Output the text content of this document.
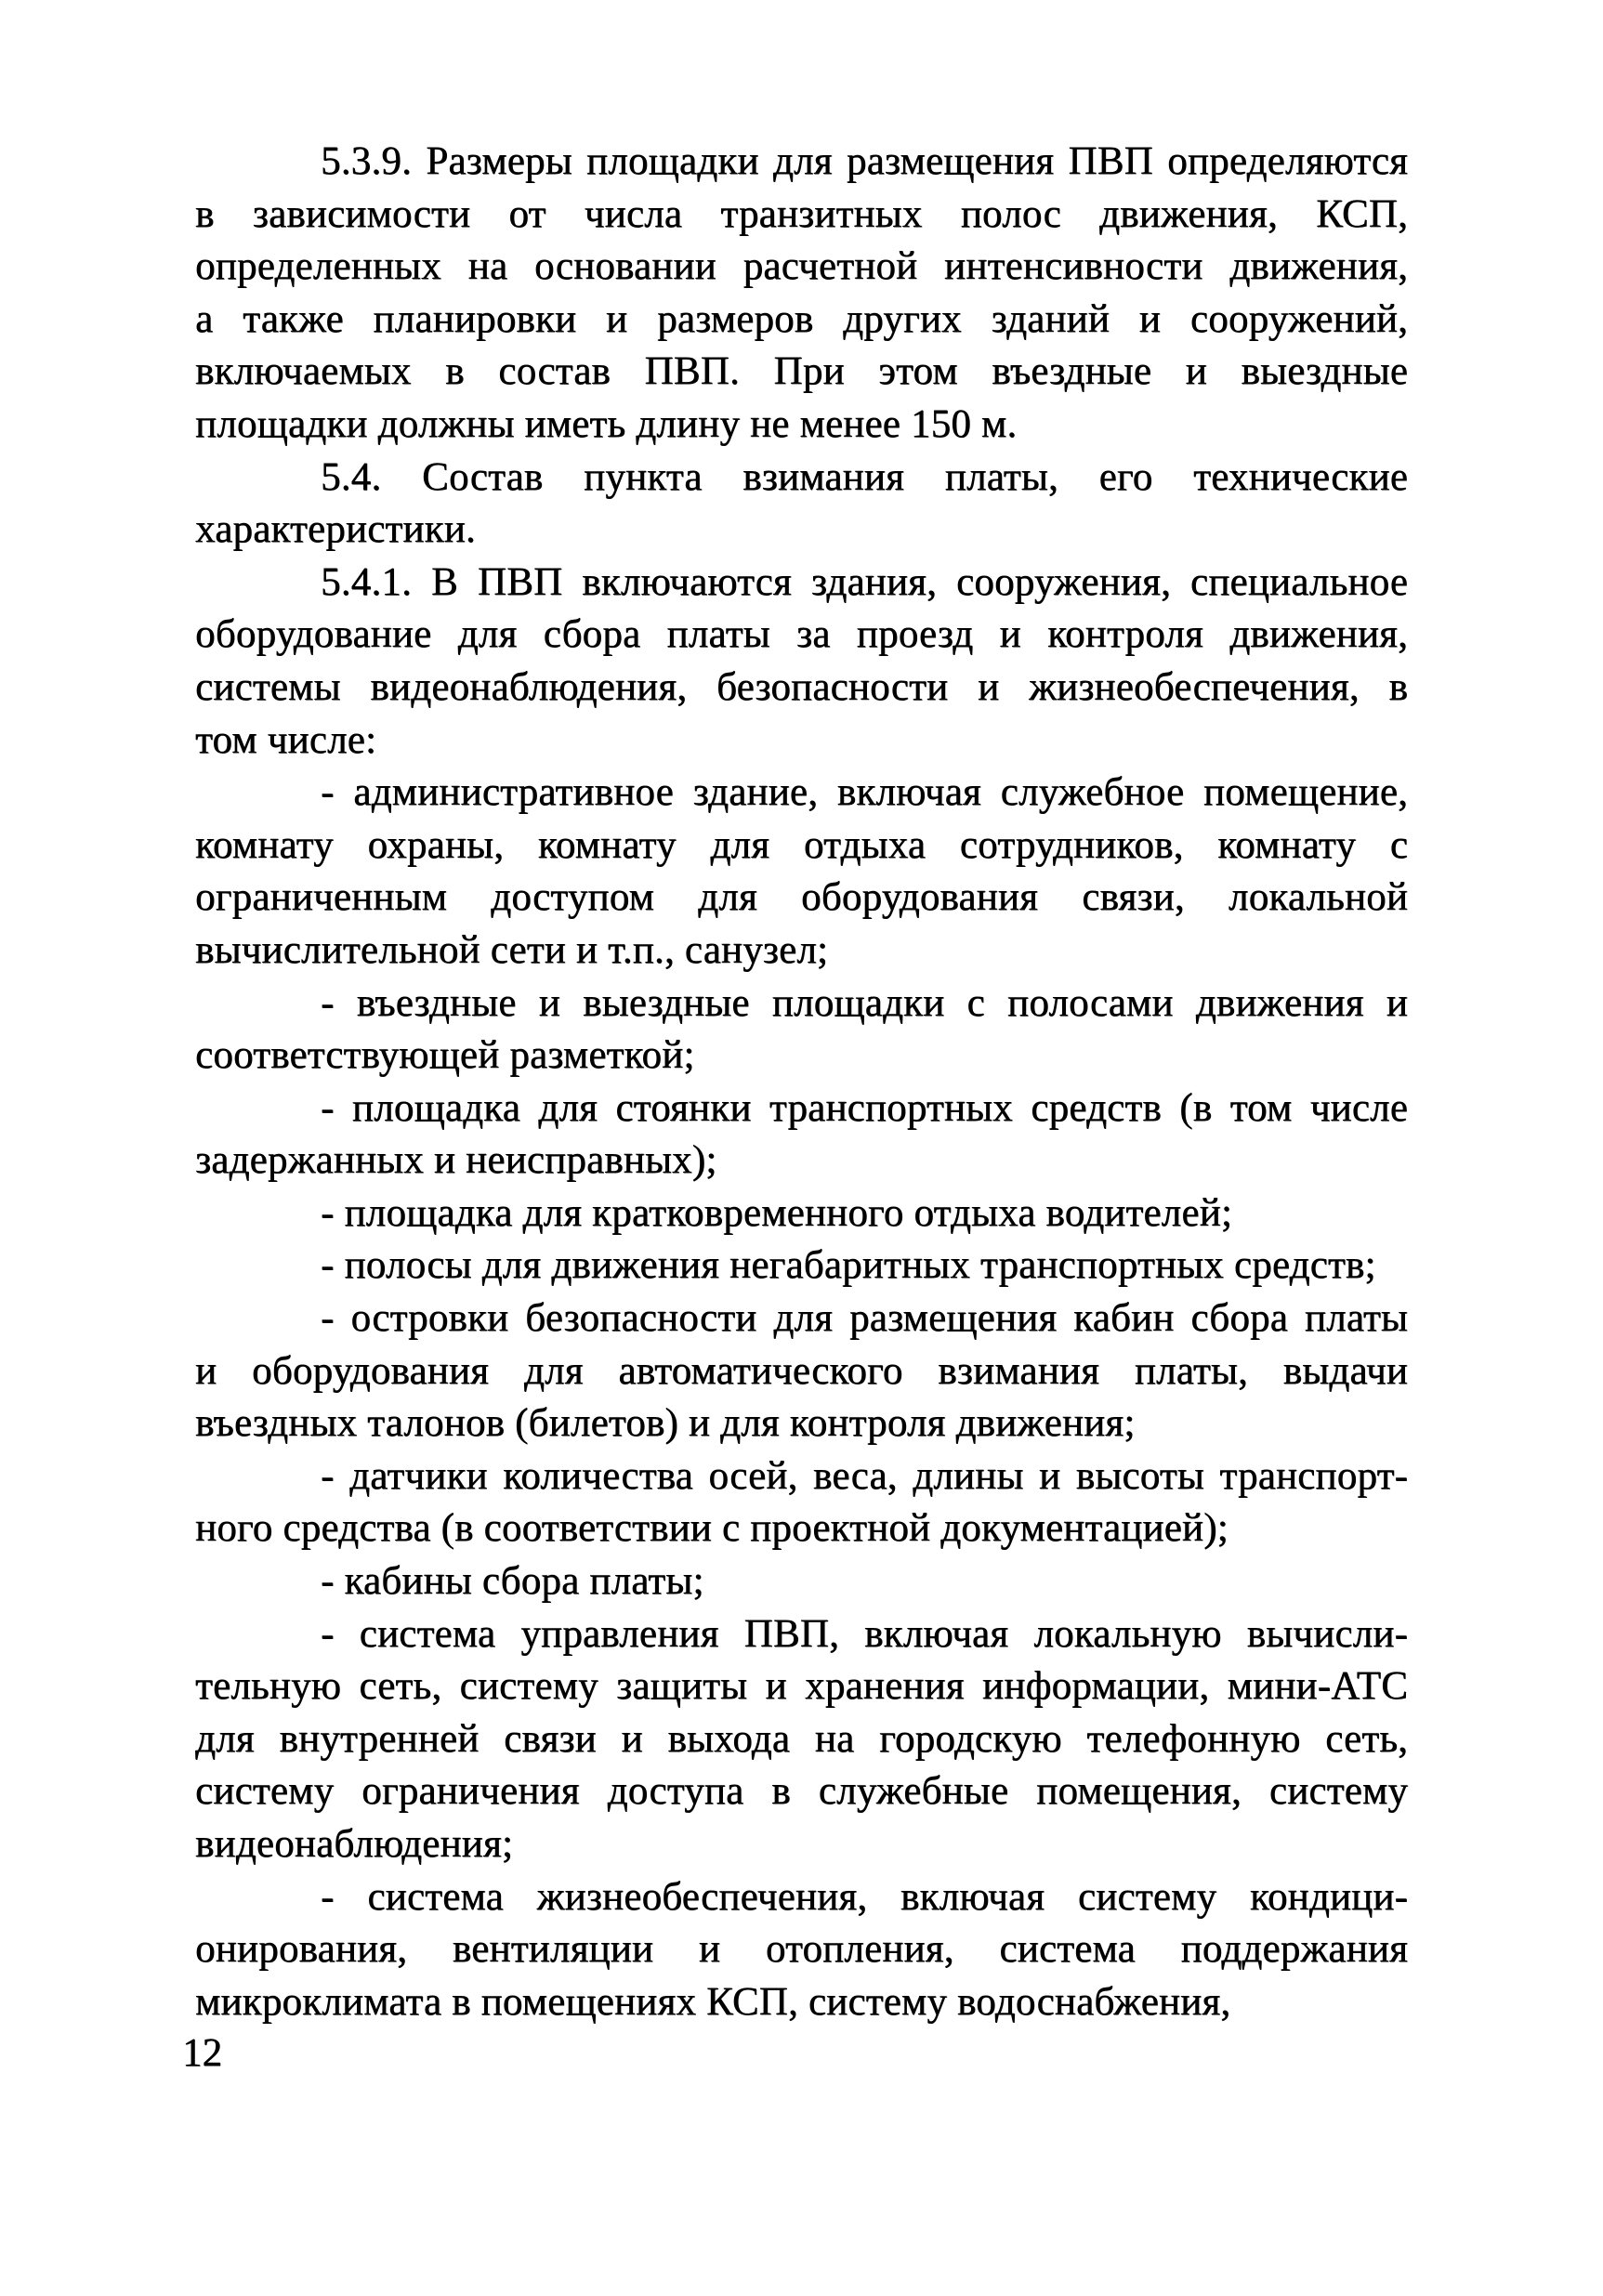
5.3.9. Размеры площадки для размещения ПВП определяются
в зависимости от числа транзитных полос движения, КСП,
определенных на основании расчетной интенсивности движения,
а также планировки и размеров других зданий и сооружений,
включаемых в состав ПВП. При этом въездные и выездные
площадки должны иметь длину не менее 150 м.
5.4. Состав пункта взимания платы, его технические
характеристики.
5.4.1. В ПВП включаются здания, сооружения, специальное
оборудование для сбора платы за проезд и контроля движения,
системы видеонаблюдения, безопасности и жизнеобеспечения, в
том числе:
- административное здание, включая служебное помещение,
комнату охраны, комнату для отдыха сотрудников, комнату с
ограниченным доступом для оборудования связи, локальной
вычислительной сети и т.п., санузел;
- въездные и выездные площадки с полосами движения и
соответствующей разметкой;
- площадка для стоянки транспортных средств (в том числе
задержанных и неисправных);
- площадка для кратковременного отдыха водителей;
- полосы для движения негабаритных транспортных средств;
- островки безопасности для размещения кабин сбора платы
и оборудования для автоматического взимания платы, выдачи
въездных талонов (билетов) и для контроля движения;
- датчики количества осей, веса, длины и высоты транспорт-
ного средства (в соответствии с проектной документацией);
- кабины сбора платы;
- система управления ПВП, включая локальную вычисли-
тельную сеть, систему защиты и хранения информации, мини-АТС
для внутренней связи и выхода на городскую телефонную сеть,
систему ограничения доступа в служебные помещения, систему
видеонаблюдения;
- система жизнеобеспечения, включая систему кондици-
онирования, вентиляции и отопления, система поддержания
микроклимата в помещениях КСП, систему водоснабжения,
12
